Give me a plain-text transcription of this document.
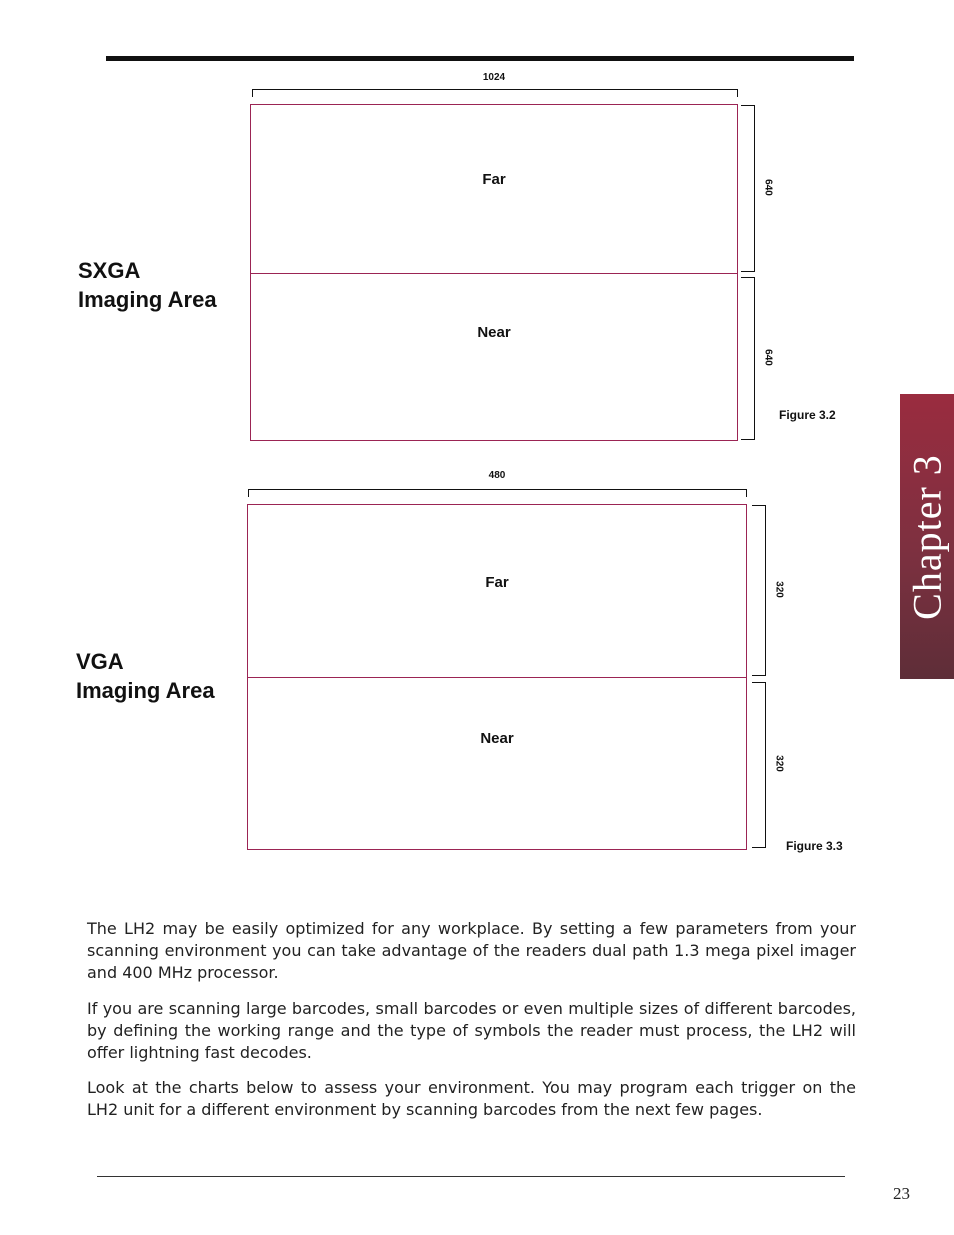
Chapter 3
SXGA
Imaging Area
1024
Far
Near
640
640
Figure 3.2
VGA
Imaging Area
480
Far
Near
320
320
Figure 3.3

The LH2 may be easily optimized for any workplace. By setting a few parameters from your scanning environment you can take advantage of the readers dual path 1.3 mega pixel imager and 400 MHz processor.

If you are scanning large barcodes, small barcodes or even multiple sizes of different barcodes, by defining the working range and the type of symbols the reader must process, the LH2 will offer lightning fast decodes.

Look at the charts below to assess your environment. You may program each trigger on the LH2 unit for a different environment by scanning barcodes from the next few pages.

23
